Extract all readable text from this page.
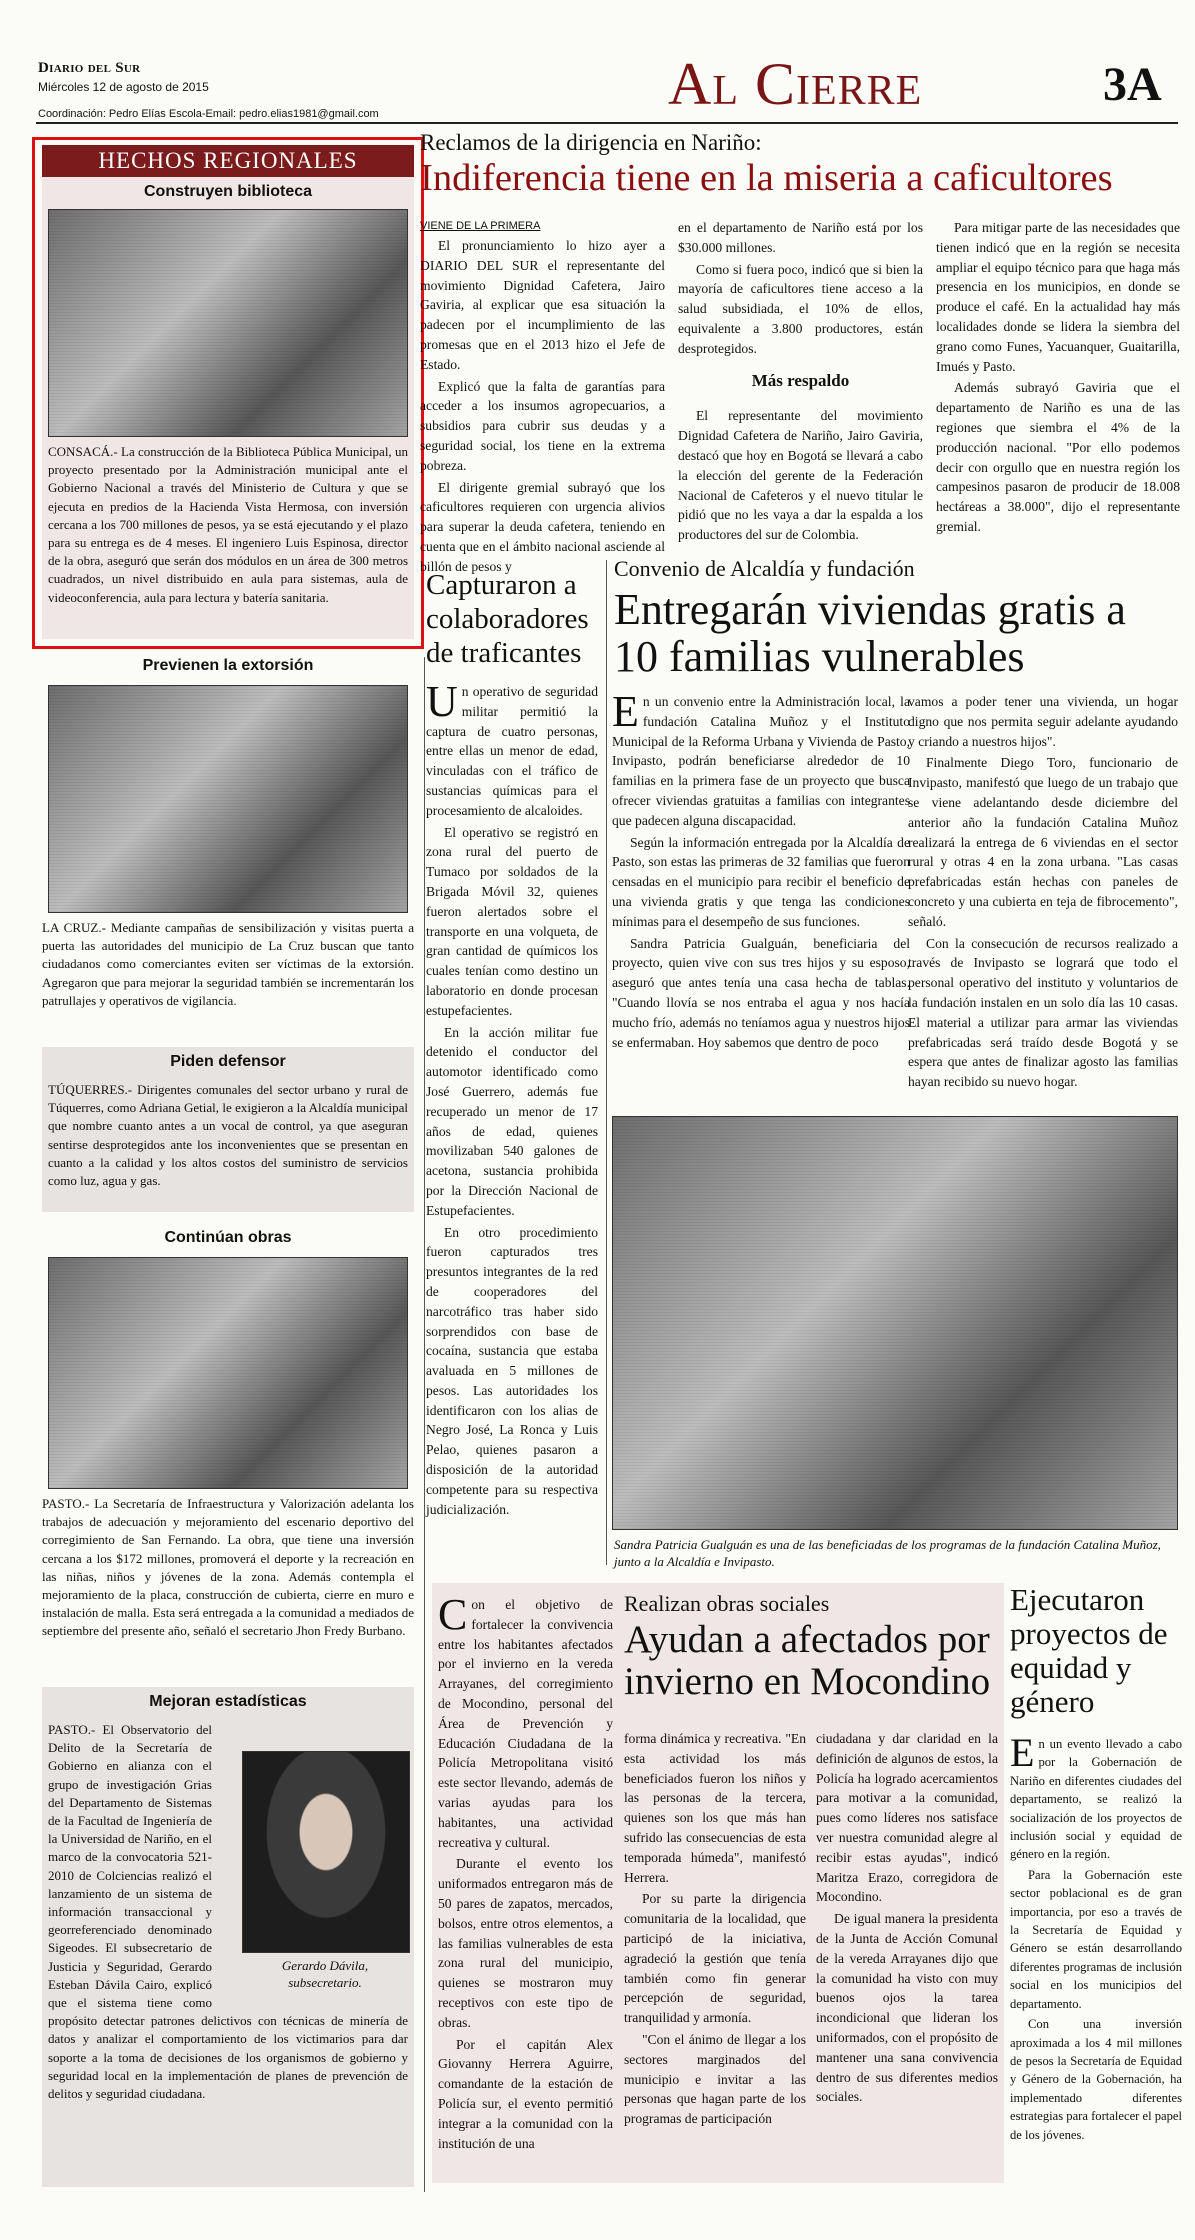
Diario del Sur
Miércoles 12 de agosto de 2015
Coordinación: Pedro Elías Escola-Email: pedro.elias1981@gmail.com	Al Cierre	3A
HECHOS REGIONALES
Construyen biblioteca
CONSACÁ.- La construcción de la Biblioteca Pública Municipal, un proyecto presentado por la Administración municipal ante el Gobierno Nacional a través del Ministerio de Cultura y que se ejecuta en predios de la Hacienda Vista Hermosa, con inversión cercana a los 700 millones de pesos, ya se está ejecutando y el plazo para su entrega es de 4 meses. El ingeniero Luis Espinosa, director de la obra, aseguró que serán dos módulos en un área de 300 metros cuadrados, un nivel distribuido en aula para sistemas, aula de videoconferencia, aula para lectura y batería sanitaria.
Previenen la extorsión
LA CRUZ.- Mediante campañas de sensibilización y visitas puerta a puerta las autoridades del municipio de La Cruz buscan que tanto ciudadanos como comerciantes eviten ser víctimas de la extorsión. Agregaron que para mejorar la seguridad también se incrementarán los patrullajes y operativos de vigilancia.
Piden defensor
TÚQUERRES.- Dirigentes comunales del sector urbano y rural de Túquerres, como Adriana Getial, le exigieron a la Alcaldía municipal que nombre cuanto antes a un vocal de control, ya que aseguran sentirse desprotegidos ante los inconvenientes que se presentan en cuanto a la calidad y los altos costos del suministro de servicios como luz, agua y gas.
Continúan obras
PASTO.- La Secretaría de Infraestructura y Valorización adelanta los trabajos de adecuación y mejoramiento del escenario deportivo del corregimiento de San Fernando. La obra, que tiene una inversión cercana a los $172 millones, promoverá el deporte y la recreación en las niñas, niños y jóvenes de la zona. Además contempla el mejoramiento de la placa, construcción de cubierta, cierre en muro e instalación de malla. Esta será entregada a la comunidad a mediados de septiembre del presente año, señaló el secretario Jhon Fredy Burbano.
Mejoran estadísticas
Gerardo Dávila,
subsecretario.
PASTO.- El Observatorio del Delito de la Secretaría de Gobierno en alianza con el grupo de investigación Grias del Departamento de Sistemas de la Facultad de Ingeniería de la Universidad de Nariño, en el marco de la convocatoria 521-2010 de Colciencias realizó el lanzamiento de un sistema de información transaccional y georreferenciado denominado Sigeodes. El subsecretario de Justicia y Seguridad, Gerardo Esteban Dávila Cairo, explicó que el sistema tiene como propósito detectar patrones delictivos con técnicas de minería de datos y analizar el comportamiento de los victimarios para dar soporte a la toma de decisiones de los organismos de gobierno y seguridad local en la implementación de planes de prevención de delitos y seguridad ciudadana.
Reclamos de la dirigencia en Nariño:
Indiferencia tiene en la miseria a caficultores
VIENE DE LA PRIMERA

El pronunciamiento lo hizo ayer a DIARIO DEL SUR el representante del movimiento Dignidad Cafetera, Jairo Gaviria, al explicar que esa situación la padecen por el incumplimiento de las promesas que en el 2013 hizo el Jefe de Estado.

Explicó que la falta de garantías para acceder a los insumos agropecuarios, a subsidios para cubrir sus deudas y a seguridad social, los tiene en la extrema pobreza.

El dirigente gremial subrayó que los caficultores requieren con urgencia alivios para superar la deuda cafetera, teniendo en cuenta que en el ámbito nacional asciende al billón de pesos y

en el departamento de Nariño está por los $30.000 millones.

Como si fuera poco, indicó que si bien la mayoría de caficultores tiene acceso a la salud subsidiada, el 10% de ellos, equivalente a 3.800 productores, están desprotegidos.

Más respaldo

El representante del movimiento Dignidad Cafetera de Nariño, Jairo Gaviria, destacó que hoy en Bogotá se llevará a cabo la elección del gerente de la Federación Nacional de Cafeteros y el nuevo titular le pidió que no les vaya a dar la espalda a los productores del sur de Colombia.

Para mitigar parte de las necesidades que tienen indicó que en la región se necesita ampliar el equipo técnico para que haga más presencia en los municipios, en donde se produce el café. En la actualidad hay más localidades donde se lidera la siembra del grano como Funes, Yacuanquer, Guaitarilla, Imués y Pasto.

Además subrayó Gaviria que el departamento de Nariño es una de las regiones que siembra el 4% de la producción nacional. "Por ello podemos decir con orgullo que en nuestra región los campesinos pasaron de producir de 18.008 hectáreas a 38.000", dijo el representante gremial.

Capturaron a colaboradores de traficantes

Un operativo de seguridad militar permitió la captura de cuatro personas, entre ellas un menor de edad, vinculadas con el tráfico de sustancias químicas para el procesamiento de alcaloides.

El operativo se registró en zona rural del puerto de Tumaco por soldados de la Brigada Móvil 32, quienes fueron alertados sobre el transporte en una volqueta, de gran cantidad de químicos los cuales tenían como destino un laboratorio en donde procesan estupefacientes.

En la acción militar fue detenido el conductor del automotor identificado como José Guerrero, además fue recuperado un menor de 17 años de edad, quienes movilizaban 540 galones de acetona, sustancia prohibida por la Dirección Nacional de Estupefacientes.

En otro procedimiento fueron capturados tres presuntos integrantes de la red de cooperadores del narcotráfico tras haber sido sorprendidos con base de cocaína, sustancia que estaba avaluada en 5 millones de pesos. Las autoridades los identificaron con los alias de Negro José, La Ronca y Luis Pelao, quienes pasaron a disposición de la autoridad competente para su respectiva judicialización.

Convenio de Alcaldía y fundación
Entregarán viviendas gratis a 10 familias vulnerables

En un convenio entre la Administración local, la fundación Catalina Muñoz y el Instituto Municipal de la Reforma Urbana y Vivienda de Pasto, Invipasto, podrán beneficiarse alrededor de 10 familias en la primera fase de un proyecto que busca ofrecer viviendas gratuitas a familias con integrantes que padecen alguna discapacidad.

Según la información entregada por la Alcaldía de Pasto, son estas las primeras de 32 familias que fueron censadas en el municipio para recibir el beneficio de una vivienda gratis y que tenga las condiciones mínimas para el desempeño de sus funciones.

Sandra Patricia Gualguán, beneficiaria del proyecto, quien vive con sus tres hijos y su esposo, aseguró que antes tenía una casa hecha de tablas. "Cuando llovía se nos entraba el agua y nos hacía mucho frío, además no teníamos agua y nuestros hijos se enfermaban. Hoy sabemos que dentro de poco

vamos a poder tener una vivienda, un hogar digno que nos permita seguir adelante ayudando y criando a nuestros hijos".

Finalmente Diego Toro, funcionario de Invipasto, manifestó que luego de un trabajo que se viene adelantando desde diciembre del anterior año la fundación Catalina Muñoz realizará la entrega de 6 viviendas en el sector rural y otras 4 en la zona urbana. "Las casas prefabricadas están hechas con paneles de concreto y una cubierta en teja de fibrocemento", señaló.

Con la consecución de recursos realizado a través de Invipasto se logrará que todo el personal operativo del instituto y voluntarios de la fundación instalen en un solo día las 10 casas. El material a utilizar para armar las viviendas prefabricadas será traído desde Bogotá y se espera que antes de finalizar agosto las familias hayan recibido su nuevo hogar.

Sandra Patricia Gualguán es una de las beneficiadas de los programas de la fundación Catalina Muñoz, junto a la Alcaldía e Invipasto.
Realizan obras sociales
Ayudan a afectados por invierno en Mocondino

Con el objetivo de fortalecer la convivencia entre los habitantes afectados por el invierno en la vereda Arrayanes, del corregimiento de Mocondino, personal del Área de Prevención y Educación Ciudadana de la Policía Metropolitana visitó este sector llevando, además de varias ayudas para los habitantes, una actividad recreativa y cultural.

Durante el evento los uniformados entregaron más de 50 pares de zapatos, mercados, bolsos, entre otros elementos, a las familias vulnerables de esta zona rural del municipio, quienes se mostraron muy receptivos con este tipo de obras.

Por el capitán Alex Giovanny Herrera Aguirre, comandante de la estación de Policía sur, el evento permitió integrar a la comunidad con la institución de una

forma dinámica y recreativa. "En esta actividad los más beneficiados fueron los niños y las personas de la tercera, quienes son los que más han sufrido las consecuencias de esta temporada húmeda", manifestó Herrera.

Por su parte la dirigencia comunitaria de la localidad, que participó de la iniciativa, agradeció la gestión que tenía también como fin generar percepción de seguridad, tranquilidad y armonía.

"Con el ánimo de llegar a los sectores marginados del municipio e invitar a las personas que hagan parte de los programas de participación

ciudadana y dar claridad en la definición de algunos de estos, la Policía ha logrado acercamientos para motivar a la comunidad, pues como líderes nos satisface ver nuestra comunidad alegre al recibir estas ayudas", indicó Maritza Erazo, corregidora de Mocondino.

De igual manera la presidenta de la Junta de Acción Comunal de la vereda Arrayanes dijo que la comunidad ha visto con muy buenos ojos la tarea incondicional que lideran los uniformados, con el propósito de mantener una sana convivencia dentro de sus diferentes medios sociales.

Ejecutaron proyectos de equidad y género

En un evento llevado a cabo por la Gobernación de Nariño en diferentes ciudades del departamento, se realizó la socialización de los proyectos de inclusión social y equidad de género en la región.

Para la Gobernación este sector poblacional es de gran importancia, por eso a través de la Secretaría de Equidad y Género se están desarrollando diferentes programas de inclusión social en los municipios del departamento.

Con una inversión aproximada a los 4 mil millones de pesos la Secretaría de Equidad y Género de la Gobernación, ha implementado diferentes estrategias para fortalecer el papel de los jóvenes.
